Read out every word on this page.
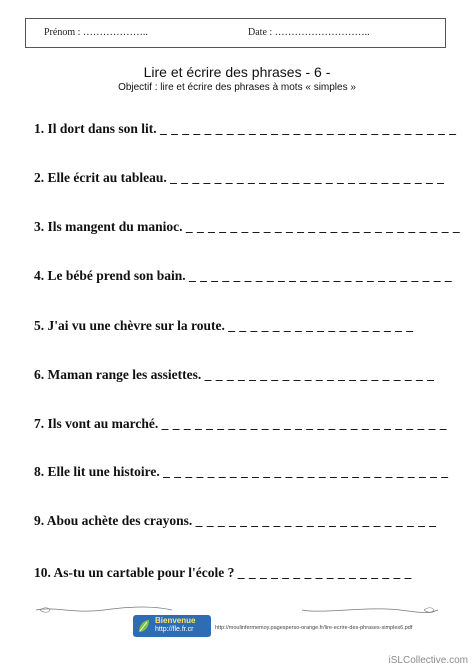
Prénom : ………………..	Date : ………………………..
Lire et écrire des phrases - 6 -
Objectif : lire et écrire des phrases à mots « simples »
1. Il dort dans son lit. _ _ _ _ _ _ _ _ _ _ _ _ _ _ _ _ _ _ _ _ _ _ _ _ _ _ _
2. Elle écrit au tableau. _ _ _ _ _ _ _ _ _ _ _ _ _ _ _ _ _ _ _ _ _ _ _ _ _
3. Ils mangent du manioc. _ _ _ _ _ _ _ _ _ _ _ _ _ _ _ _ _ _ _ _ _ _ _ _ _
4. Le bébé prend son bain. _ _ _ _ _ _ _ _ _ _ _ _ _ _ _ _ _ _ _ _ _ _ _ _
5. J'ai vu une chèvre sur la route. _ _ _ _ _ _ _ _ _ _ _ _ _ _ _ _ _
6. Maman range les assiettes. _ _ _ _ _ _ _ _ _ _ _ _ _ _ _ _ _ _ _ _ _
7. Ils vont au marché. _ _ _ _ _ _ _ _ _ _ _ _ _ _ _ _ _ _ _ _ _ _ _ _ _ _
8. Elle lit une histoire. _ _ _ _ _ _ _ _ _ _ _ _ _ _ _ _ _ _ _ _ _ _ _ _ _ _
9. Abou achète des crayons. _ _ _ _ _ _ _ _ _ _ _ _ _ _ _ _ _ _ _ _ _ _
10. As-tu un cartable pour l'école ? _ _ _ _ _ _ _ _ _ _ _ _ _ _ _ _
Bienvenue
http://fle.fr.cr	http://moulinfermemoy.pagesperso-orange.fr/lire-ecrire-des-phrases-simples6.pdf
iSLCollective.com
